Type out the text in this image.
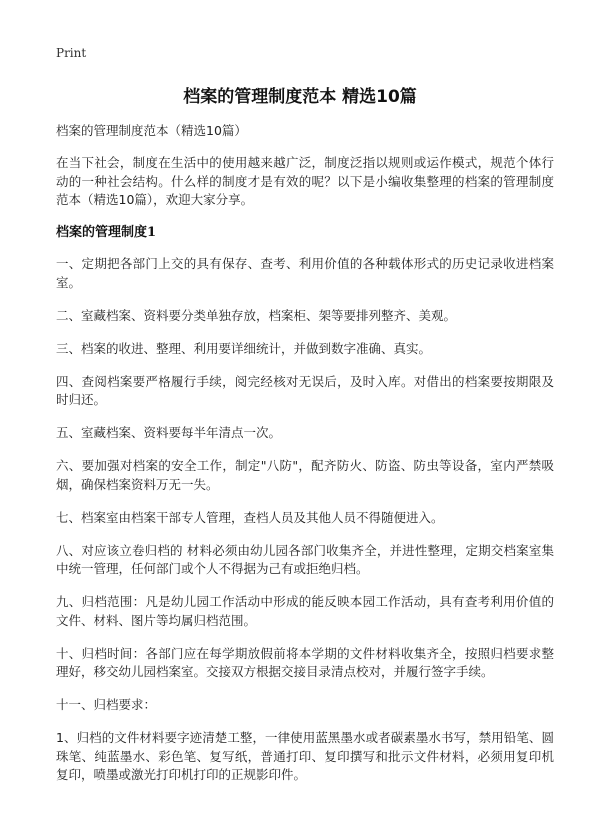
Print
档案的管理制度范本 精选10篇
档案的管理制度范本（精选10篇）

在当下社会，制度在生活中的使用越来越广泛，制度泛指以规则或运作模式，规范个体行动的一种社会结构。什么样的制度才是有效的呢？以下是小编收集整理的档案的管理制度范本（精选10篇），欢迎大家分享。

档案的管理制度1

一、定期把各部门上交的具有保存、查考、利用价值的各种载体形式的历史记录收进档案室。

二、室藏档案、资料要分类单独存放，档案柜、架等要排列整齐、美观。

三、档案的收进、整理、利用要详细统计，并做到数字准确、真实。

四、查阅档案要严格履行手续，阅完经核对无误后，及时入库。对借出的档案要按期限及时归还。

五、室藏档案、资料要每半年清点一次。

六、要加强对档案的安全工作，制定"八防"，配齐防火、防盗、防虫等设备，室内严禁吸烟，确保档案资料万无一失。

七、档案室由档案干部专人管理，查档人员及其他人员不得随便进入。

八、对应该立卷归档的 材料必须由幼儿园各部门收集齐全，并进性整理，定期交档案室集中统一管理，任何部门或个人不得据为己有或拒绝归档。

九、归档范围：凡是幼儿园工作活动中形成的能反映本园工作活动，具有查考利用价值的文件、材料、图片等均属归档范围。

十、归档时间：各部门应在每学期放假前将本学期的文件材料收集齐全，按照归档要求整理好，移交幼儿园档案室。交接双方根据交接目录清点校对，并履行签字手续。

十一、归档要求：

1、归档的文件材料要字迹清楚工整，一律使用蓝黑墨水或者碳素墨水书写，禁用铅笔、圆珠笔、纯蓝墨水、彩色笔、复写纸，普通打印、复印撰写和批示文件材料，必须用复印机复印，喷墨或激光打印机打印的正规影印件。
